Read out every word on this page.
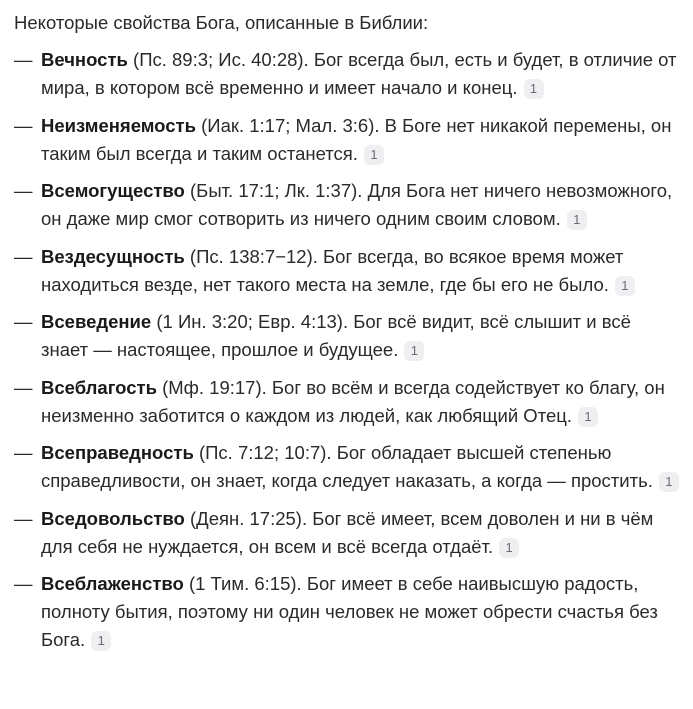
Некоторые свойства Бога, описанные в Библии:

— Вечность (Пс. 89:3; Ис. 40:28). Бог всегда был, есть и будет, в отличие от мира, в котором всё временно и имеет начало и конец. 1
— Неизменяемость (Иак. 1:17; Мал. 3:6). В Боге нет никакой перемены, он таким был всегда и таким останется. 1
— Всемогущество (Быт. 17:1; Лк. 1:37). Для Бога нет ничего невозможного, он даже мир смог сотворить из ничего одним своим словом. 1
— Вездесущность (Пс. 138:7−12). Бог всегда, во всякое время может находиться везде, нет такого места на земле, где бы его не было. 1
— Всеведение (1 Ин. 3:20; Евр. 4:13). Бог всё видит, всё слышит и всё знает — настоящее, прошлое и будущее. 1
— Всеблагость (Мф. 19:17). Бог во всём и всегда содействует ко благу, он неизменно заботится о каждом из людей, как любящий Отец. 1
— Всеправедность (Пс. 7:12; 10:7). Бог обладает высшей степенью справедливости, он знает, когда следует наказать, а когда — простить. 1
— Вседовольство (Деян. 17:25). Бог всё имеет, всем доволен и ни в чём для себя не нуждается, он всем и всё всегда отдаёт. 1
— Всеблаженство (1 Тим. 6:15). Бог имеет в себе наивысшую радость, полноту бытия, поэтому ни один человек не может обрести счастья без Бога. 1
